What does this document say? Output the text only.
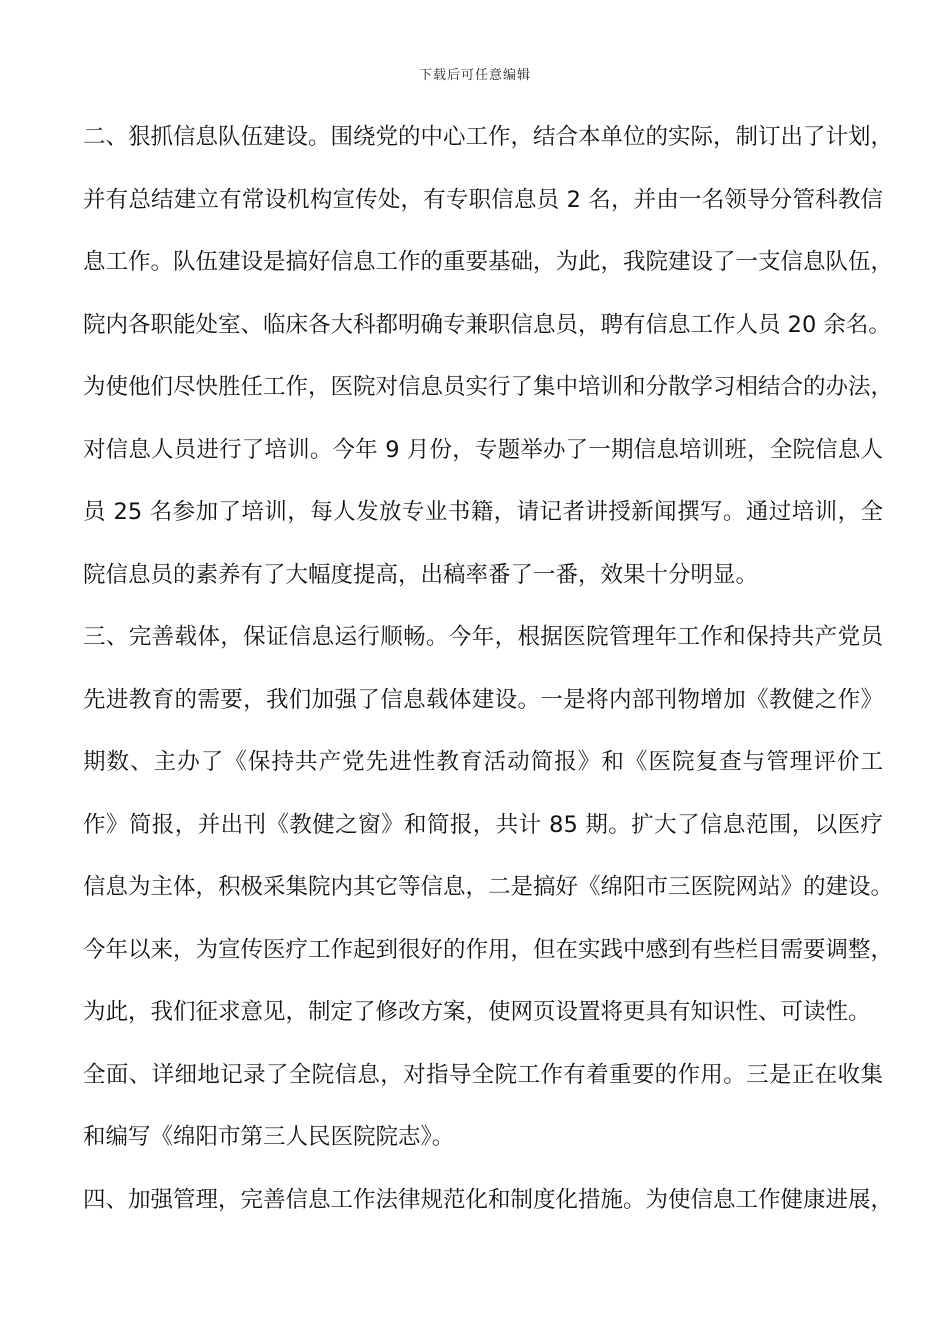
下载后可任意编辑
二、狠抓信息队伍建设。围绕党的中心工作，结合本单位的实际，制订出了计划，
并有总结建立有常设机构宣传处，有专职信息员 2 名，并由一名领导分管科教信
息工作。队伍建设是搞好信息工作的重要基础，为此，我院建设了一支信息队伍，
院内各职能处室、临床各大科都明确专兼职信息员，聘有信息工作人员 20 余名。
为使他们尽快胜任工作，医院对信息员实行了集中培训和分散学习相结合的办法，
对信息人员进行了培训。今年 9 月份，专题举办了一期信息培训班，全院信息人
员 25 名参加了培训，每人发放专业书籍，请记者讲授新闻撰写。通过培训，全
院信息员的素养有了大幅度提高，出稿率番了一番，效果十分明显。
三、完善载体，保证信息运行顺畅。今年，根据医院管理年工作和保持共产党员
先进教育的需要，我们加强了信息载体建设。一是将内部刊物增加《教健之作》
期数、主办了《保持共产党先进性教育活动简报》和《医院复查与管理评价工
作》简报，并出刊《教健之窗》和简报，共计 85 期。扩大了信息范围，以医疗
信息为主体，积极采集院内其它等信息，二是搞好《绵阳市三医院网站》的建设。
今年以来，为宣传医疗工作起到很好的作用，但在实践中感到有些栏目需要调整，
为此，我们征求意见，制定了修改方案，使网页设置将更具有知识性、可读性。
全面、详细地记录了全院信息，对指导全院工作有着重要的作用。三是正在收集
和编写《绵阳市第三人民医院院志》。
四、加强管理，完善信息工作法律规范化和制度化措施。为使信息工作健康进展，
